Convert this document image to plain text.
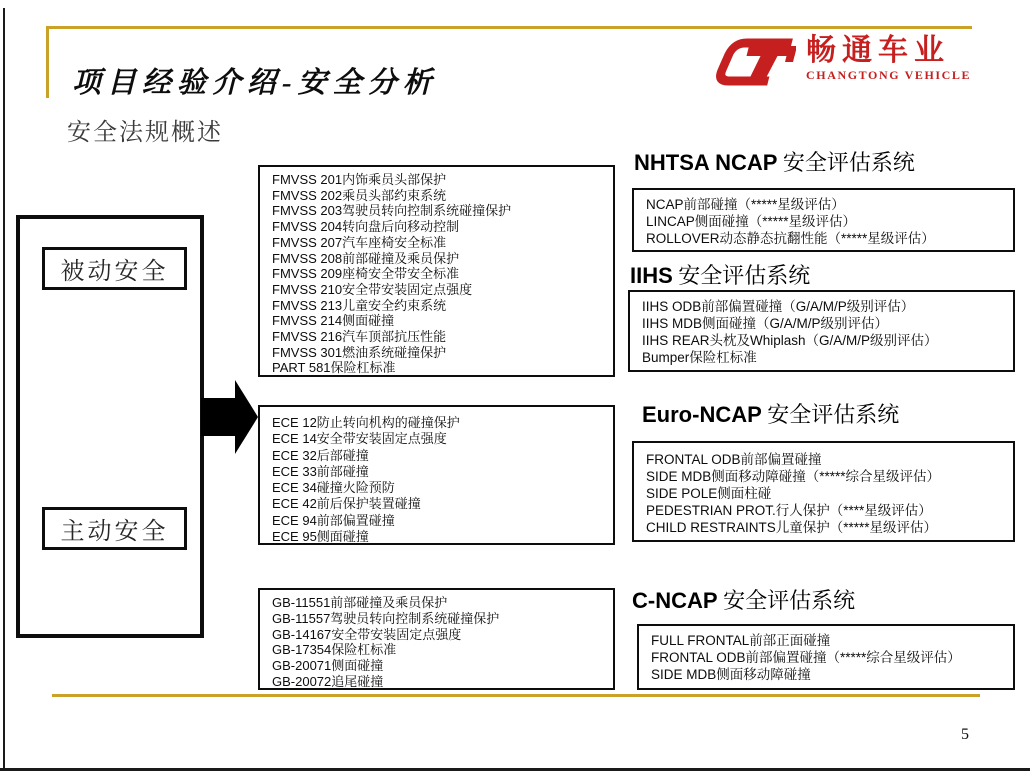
项目经验介绍-安全分析
安全法规概述
畅通车业
CHANGTONG VEHICLE
被动安全
主动安全
FMVSS 201内饰乘员头部保护
FMVSS 202乘员头部约束系统
FMVSS 203驾驶员转向控制系统碰撞保护
FMVSS 204转向盘后向移动控制
FMVSS 207汽车座椅安全标准
FMVSS 208前部碰撞及乘员保护
FMVSS 209座椅安全带安全标准
FMVSS 210安全带安装固定点强度
FMVSS 213儿童安全约束系统
FMVSS 214侧面碰撞
FMVSS 216汽车顶部抗压性能
FMVSS 301燃油系统碰撞保护
PART 581保险杠标准
ECE 12防止转向机构的碰撞保护
ECE 14安全带安装固定点强度
ECE 32后部碰撞
ECE 33前部碰撞
ECE 34碰撞火险预防
ECE 42前后保护装置碰撞
ECE 94前部偏置碰撞
ECE 95侧面碰撞
GB-11551前部碰撞及乘员保护
GB-11557驾驶员转向控制系统碰撞保护
GB-14167安全带安装固定点强度
GB-17354保险杠标准
GB-20071侧面碰撞
GB-20072追尾碰撞
NHTSA NCAP 安全评估系统
NCAP前部碰撞（*****星级评估）
LINCAP侧面碰撞（*****星级评估）
ROLLOVER动态静态抗翻性能（*****星级评估）
IIHS 安全评估系统
IIHS ODB前部偏置碰撞（G/A/M/P级别评估）
IIHS MDB侧面碰撞（G/A/M/P级别评估）
IIHS REAR头枕及Whiplash（G/A/M/P级别评估）
Bumper保险杠标准
Euro-NCAP 安全评估系统
FRONTAL ODB前部偏置碰撞
SIDE MDB侧面移动障碰撞（*****综合星级评估）
SIDE POLE侧面柱碰
PEDESTRIAN PROT.行人保护（****星级评估）
CHILD RESTRAINTS儿童保护（*****星级评估）
C-NCAP 安全评估系统
FULL FRONTAL前部正面碰撞
FRONTAL ODB前部偏置碰撞（*****综合星级评估）
SIDE MDB侧面移动障碰撞
5
